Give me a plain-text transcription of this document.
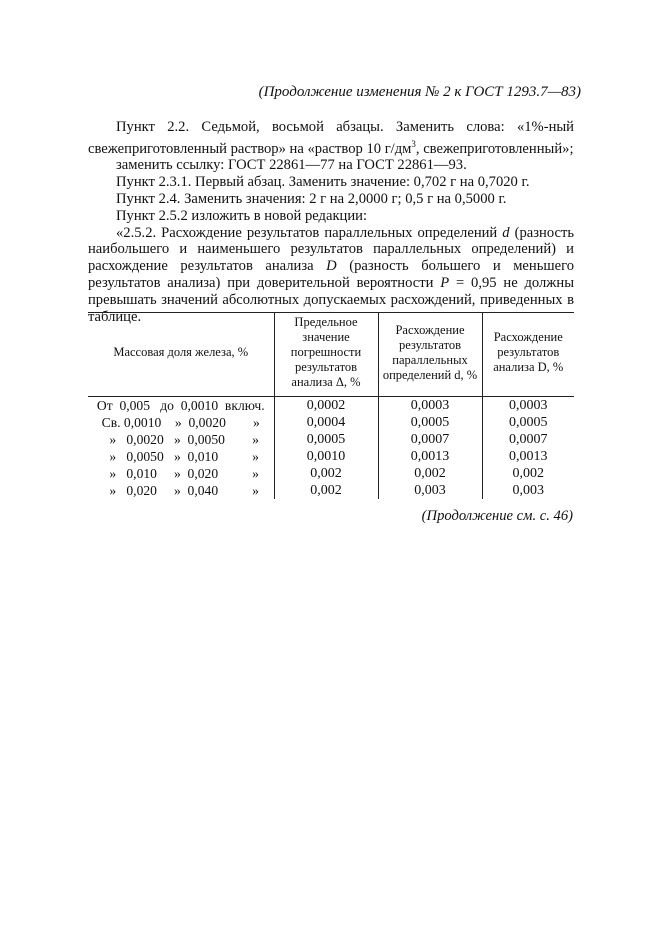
(Продолжение изменения № 2 к ГОСТ 1293.7—83)

Пункт 2.2. Седьмой, восьмой абзацы. Заменить слова: «1%-ный свежеприготовленный раствор» на «раствор 10 $г/дм^3$, свежеприготовленный»;

заменить ссылку: ГОСТ 22861—77 на ГОСТ 22861—93.

Пункт 2.3.1. Первый абзац. Заменить значение: 0,702 г на 0,7020 г.

Пункт 2.4. Заменить значения: 2 г на 2,0000 г; 0,5 г на 0,5000 г.

Пункт 2.5.2 изложить в новой редакции:

«2.5.2. Расхождение результатов параллельных определений d (разность наибольшего и наименьшего результатов параллельных определений) и расхождение результатов анализа D (разность большего и меньшего результатов анализа) при доверительной вероятности P = 0,95 не должны превышать значений абсолютных допускаемых расхождений, приведенных в таблице.

Массовая доля железа, %	Предельное значение погрешности результатов анализа Δ, %	Расхождение результатов параллельных определений d, %	Расхождение результатов анализа D, %
От  0,005   до  0,0010  включ.	0,0002	0,0003	0,0003
Св. 0,0010    »  0,0020        »	0,0004	0,0005	0,0005
»   0,0020   »  0,0050        »	0,0005	0,0007	0,0007
»   0,0050   »  0,010          »	0,0010	0,0013	0,0013
»   0,010     »  0,020          »	0,002	0,002	0,002
»   0,020     »  0,040          »	0,002	0,003	0,003
(Продолжение см. с. 46)
